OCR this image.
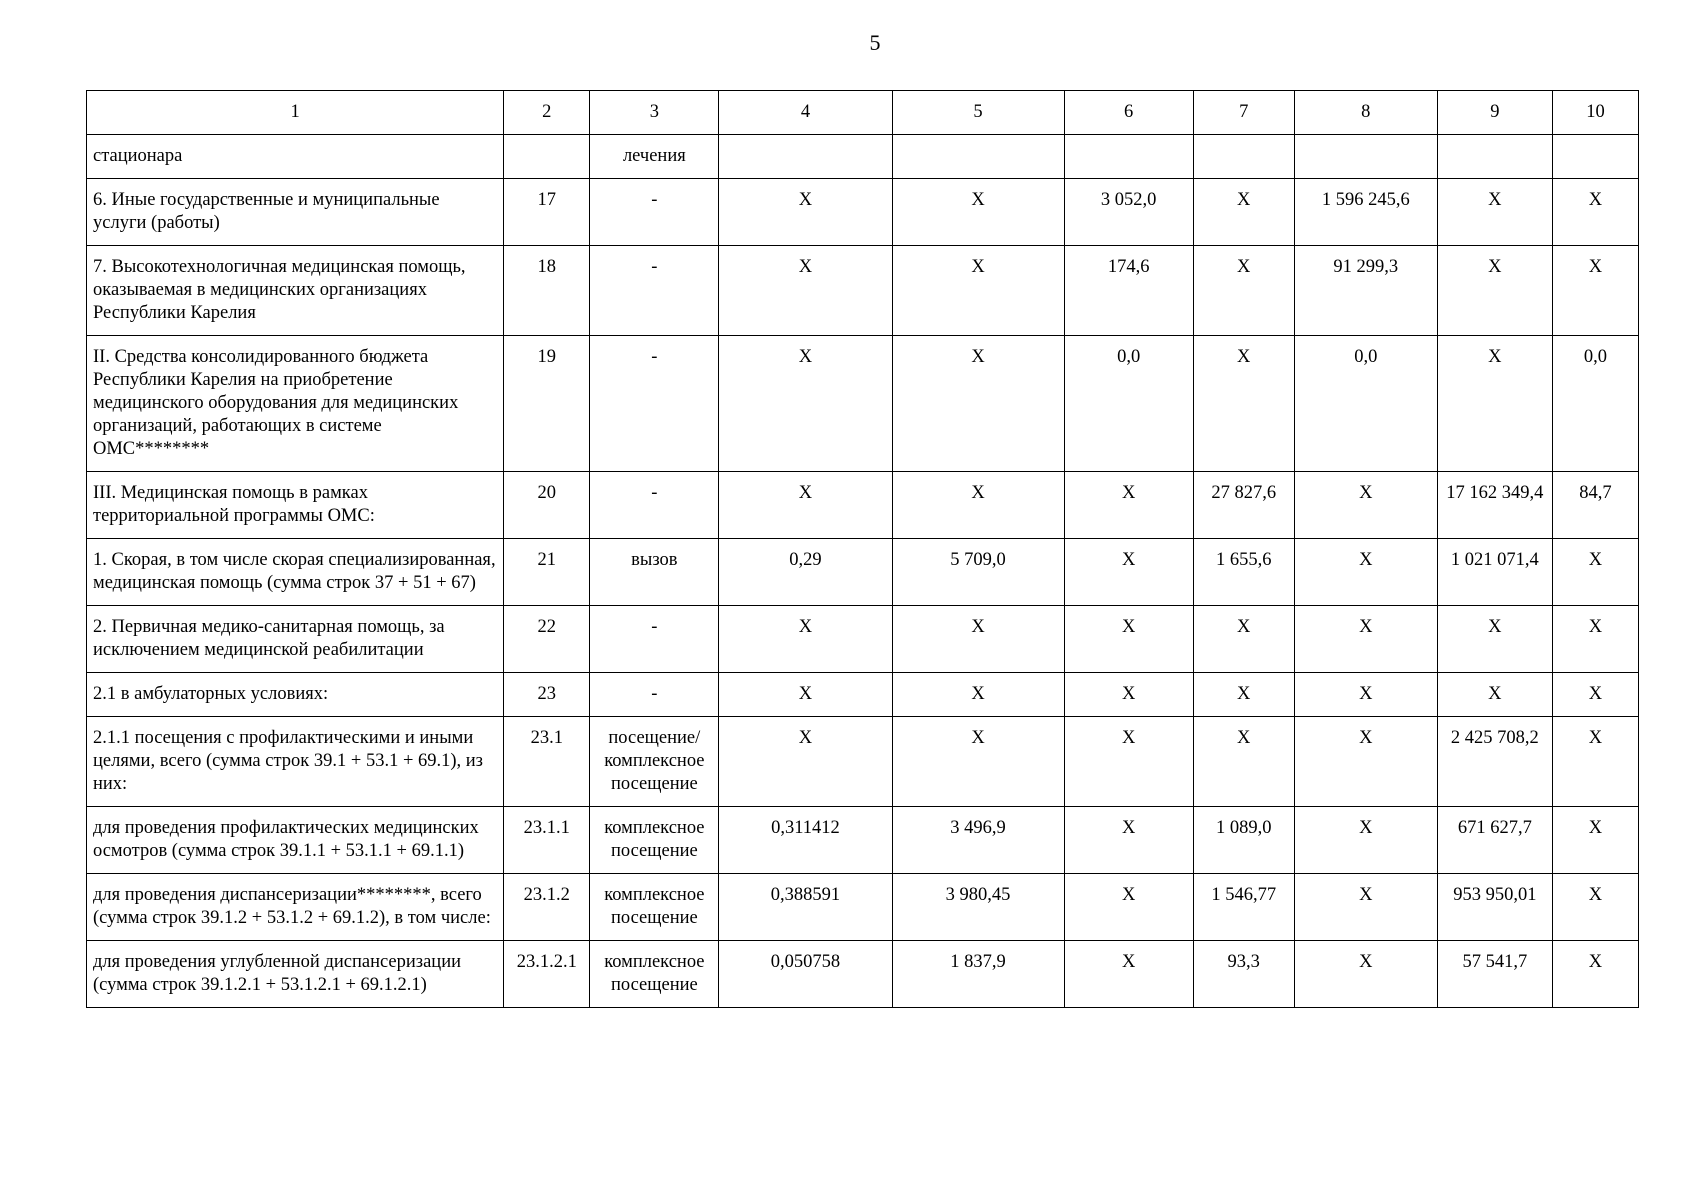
5
1	2	3	4	5	6	7	8	9	10
стационара		лечения							
6. Иные государственные и муниципальные услуги (работы)	17	-	X	X	3 052,0	X	1 596 245,6	X	X
7. Высокотехнологичная медицинская помощь, оказываемая в медицинских организациях Республики Карелия	18	-	X	X	174,6	X	91 299,3	X	X
II. Средства консолидированного бюджета Республики Карелия на приобретение медицинского оборудования для медицинских организаций, работающих в системе ОМС********	19	-	X	X	0,0	X	0,0	X	0,0
III. Медицинская помощь в рамках территориальной программы ОМС:	20	-	X	X	X	27 827,6	X	17 162 349,4	84,7
1. Скорая, в том числе скорая специализированная, медицинская помощь (сумма строк 37 + 51 + 67)	21	вызов	0,29	5 709,0	X	1 655,6	X	1 021 071,4	X
2. Первичная медико-санитарная помощь, за исключением медицинской реабилитации	22	-	X	X	X	X	X	X	X
2.1 в амбулаторных условиях:	23	-	X	X	X	X	X	X	X
2.1.1 посещения с профилактическими и иными целями, всего (сумма строк 39.1 + 53.1 + 69.1), из них:	23.1	посещение/ комплексное посещение	X	X	X	X	X	2 425 708,2	X
для проведения профилактических медицинских осмотров (сумма строк 39.1.1 + 53.1.1 + 69.1.1)	23.1.1	комплексное посещение	0,311412	3 496,9	X	1 089,0	X	671 627,7	X
для проведения диспансеризации********, всего (сумма строк 39.1.2 + 53.1.2 + 69.1.2), в том числе:	23.1.2	комплексное посещение	0,388591	3 980,45	X	1 546,77	X	953 950,01	X
для проведения углубленной диспансеризации (сумма строк 39.1.2.1 + 53.1.2.1 + 69.1.2.1)	23.1.2.1	комплексное посещение	0,050758	1 837,9	X	93,3	X	57 541,7	X
